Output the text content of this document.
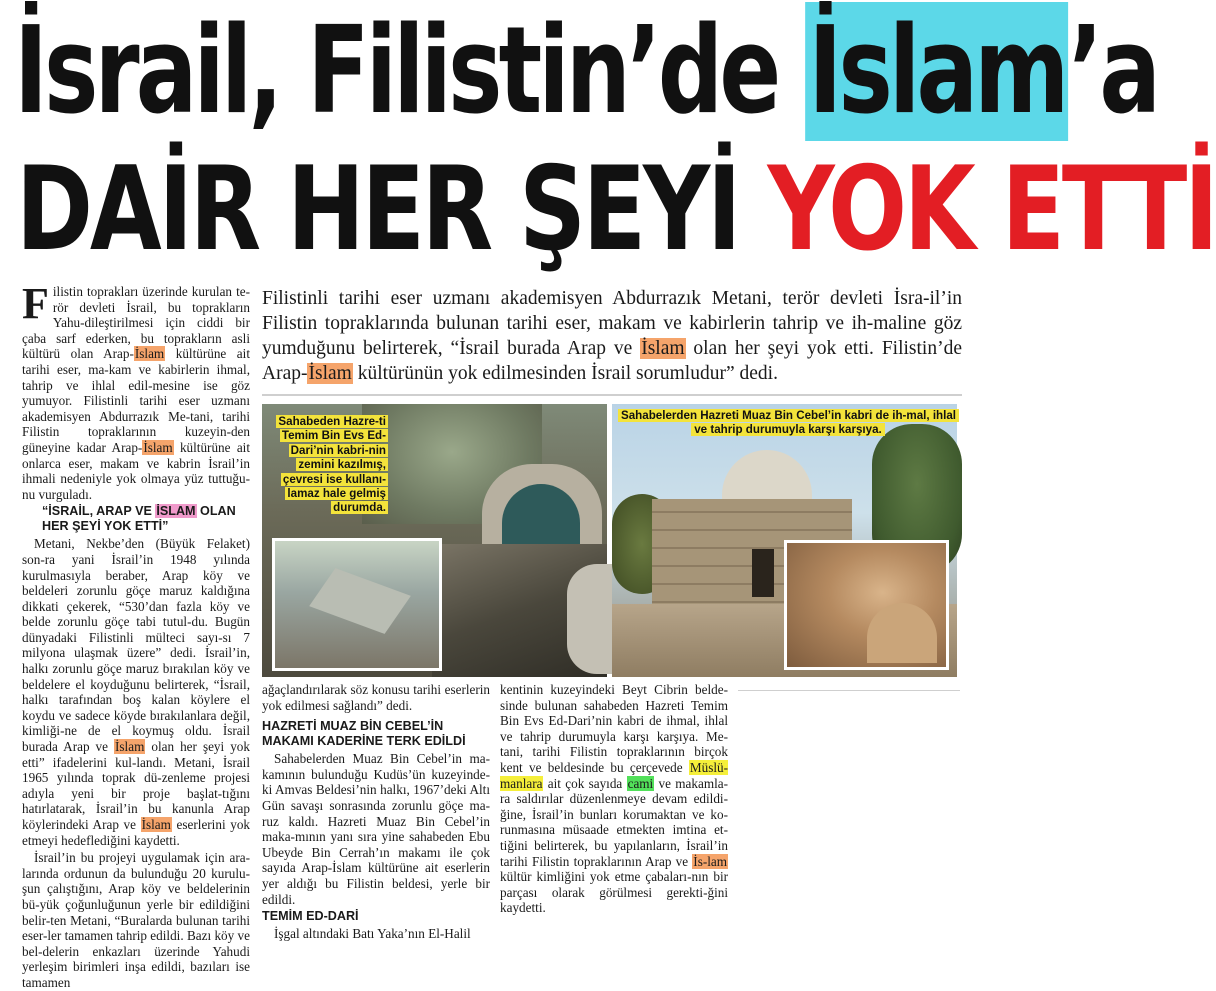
İsrail, Filistin’de İslam’a
DAİR HER ŞEYİ YOK ETTİ
Filistinli tarihi eser uzmanı akademisyen Abdurrazık Metani, terör devleti İsra-il’in Filistin topraklarında bulunan tarihi eser, makam ve kabirlerin tahrip ve ih-maline göz yumduğunu belirterek, “İsrail burada Arap ve İslam olan her şeyi yok etti. Filistin’de Arap-İslam kültürünün yok edilmesinden İsrail sorumludur” dedi.

Filistin toprakları üzerinde kurulan te-rör devleti İsrail, bu toprakların Yahu-dileştirilmesi için ciddi bir çaba sarf ederken, bu toprakların asli kültürü olan Arap-İslam kültürüne ait tarihi eser, ma-kam ve kabirlerin ihmal, tahrip ve ihlal edil-mesine ise göz yumuyor. Filistinli tarihi eser uzmanı akademisyen Abdurrazık Me-tani, tarihi Filistin topraklarının kuzeyin-den güneyine kadar Arap-İslam kültürüne ait onlarca eser, makam ve kabrin İsrail’in ihmali nedeniyle yok olmaya yüz tuttuğu-nu vurguladı.

“İSRAİL, ARAP VE İSLAM OLAN HER ŞEYİ YOK ETTİ”

Metani, Nekbe’den (Büyük Felaket) son-ra yani İsrail’in 1948 yılında kurulmasıyla beraber, Arap köy ve beldeleri zorunlu göçe maruz kaldığına dikkati çekerek, “530’dan fazla köy ve belde zorunlu göçe tabi tutul-du. Bugün dünyadaki Filistinli mülteci sayı-sı 7 milyona ulaşmak üzere” dedi. İsrail’in, halkı zorunlu göçe maruz bırakılan köy ve beldelere el koyduğunu belirterek, “İsrail, halkı tarafından boş kalan köylere el koydu ve sadece köyde bırakılanlara değil, kimliği-ne de el koymuş oldu. İsrail burada Arap ve İslam olan her şeyi yok etti” ifadelerini kul-landı. Metani, İsrail 1965 yılında toprak dü-zenleme projesi adıyla yeni bir proje başlat-tığını hatırlatarak, İsrail’in bu kanunla Arap köylerindeki Arap ve İslam eserlerini yok etmeyi hedeflediğini kaydetti.

İsrail’in bu projeyi uygulamak için ara-larında ordunun da bulunduğu 20 kurulu-şun çalıştığını, Arap köy ve beldelerinin bü-yük çoğunluğunun yerle bir edildiğini belir-ten Metani, “Buralarda bulunan tarihi eser-ler tamamen tahrip edildi. Bazı köy ve bel-delerin enkazları üzerinde Yahudi yerleşim birimleri inşa edildi, bazıları ise tamamen

Sahabeden Hazre-ti Temim Bin Evs Ed-Dari’nin kabri-nin zemini kazılmış, çevresi ise kullanı-lamaz hale gelmiş durumda.
Sahabelerden Hazreti Muaz Bin Cebel’in kabri de ih-mal, ihlal ve tahrip durumuyla karşı karşıya.

ağaçlandırılarak söz konusu tarihi eserlerin yok edilmesi sağlandı” dedi.

HAZRETİ MUAZ BİN CEBEL’İN MAKAMI KADERİNE TERK EDİLDİ

Sahabelerden Muaz Bin Cebel’in ma-kamının bulunduğu Kudüs’ün kuzeyinde-ki Amvas Beldesi’nin halkı, 1967’deki Altı Gün savaşı sonrasında zorunlu göçe ma-ruz kaldı. Hazreti Muaz Bin Cebel’in maka-mının yanı sıra yine sahabeden Ebu Ubeyde Bin Cerrah’ın makamı ile çok sayıda Arap-İslam kültürüne ait eserlerin yer aldığı bu Filistin beldesi, yerle bir edildi.

TEMİM ED-DARİ

İşgal altındaki Batı Yaka’nın El-Halil

kentinin kuzeyindeki Beyt Cibrin belde-sinde bulunan sahabeden Hazreti Temim Bin Evs Ed-Dari’nin kabri de ihmal, ihlal ve tahrip durumuyla karşı karşıya. Me-tani, tarihi Filistin topraklarının birçok kent ve beldesinde bu çerçevede Müslü-manlara ait çok sayıda cami ve makamla-ra saldırılar düzenlenmeye devam edildi-ğine, İsrail’in bunları korumaktan ve ko-runmasına müsaade etmekten imtina et-tiğini belirterek, bu yapılanların, İsrail’in tarihi Filistin topraklarının Arap ve İs-lam kültür kimliğini yok etme çabaları-nın bir parçası olarak görülmesi gerekti-ğini kaydetti.
